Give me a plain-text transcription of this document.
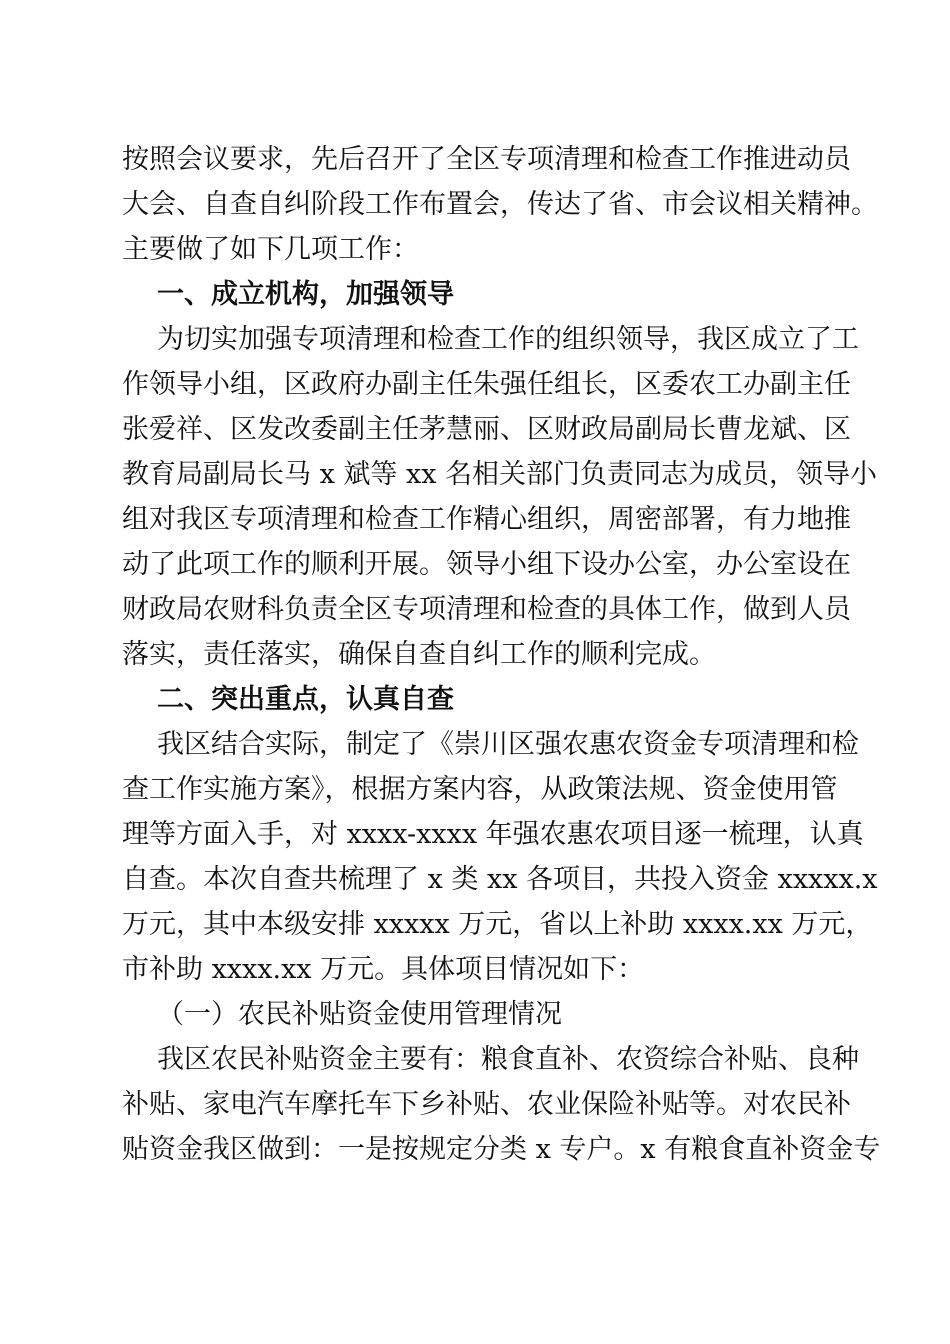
按照会议要求，先后召开了全区专项清理和检查工作推进动员
大会、自查自纠阶段工作布置会，传达了省、市会议相关精神。
主要做了如下几项工作：
一、成立机构，加强领导
为切实加强专项清理和检查工作的组织领导，我区成立了工
作领导小组，区政府办副主任朱强任组长，区委农工办副主任
张爱祥、区发改委副主任茅慧丽、区财政局副局长曹龙斌、区
教育局副局长马 x 斌等 xx 名相关部门负责同志为成员，领导小
组对我区专项清理和检查工作精心组织，周密部署，有力地推
动了此项工作的顺利开展。领导小组下设办公室，办公室设在
财政局农财科负责全区专项清理和检查的具体工作，做到人员
落实，责任落实，确保自查自纠工作的顺利完成。
二、突出重点，认真自查
我区结合实际，制定了《崇川区强农惠农资金专项清理和检
查工作实施方案》，根据方案内容，从政策法规、资金使用管
理等方面入手，对 xxxx-xxxx 年强农惠农项目逐一梳理，认真
自查。本次自查共梳理了 x 类 xx 各项目，共投入资金 xxxxx.x
万元，其中本级安排 xxxxx 万元，省以上补助 xxxx.xx 万元，
市补助 xxxx.xx 万元。具体项目情况如下：
（一）农民补贴资金使用管理情况
我区农民补贴资金主要有：粮食直补、农资综合补贴、良种
补贴、家电汽车摩托车下乡补贴、农业保险补贴等。对农民补
贴资金我区做到：一是按规定分类 x 专户。x 有粮食直补资金专
